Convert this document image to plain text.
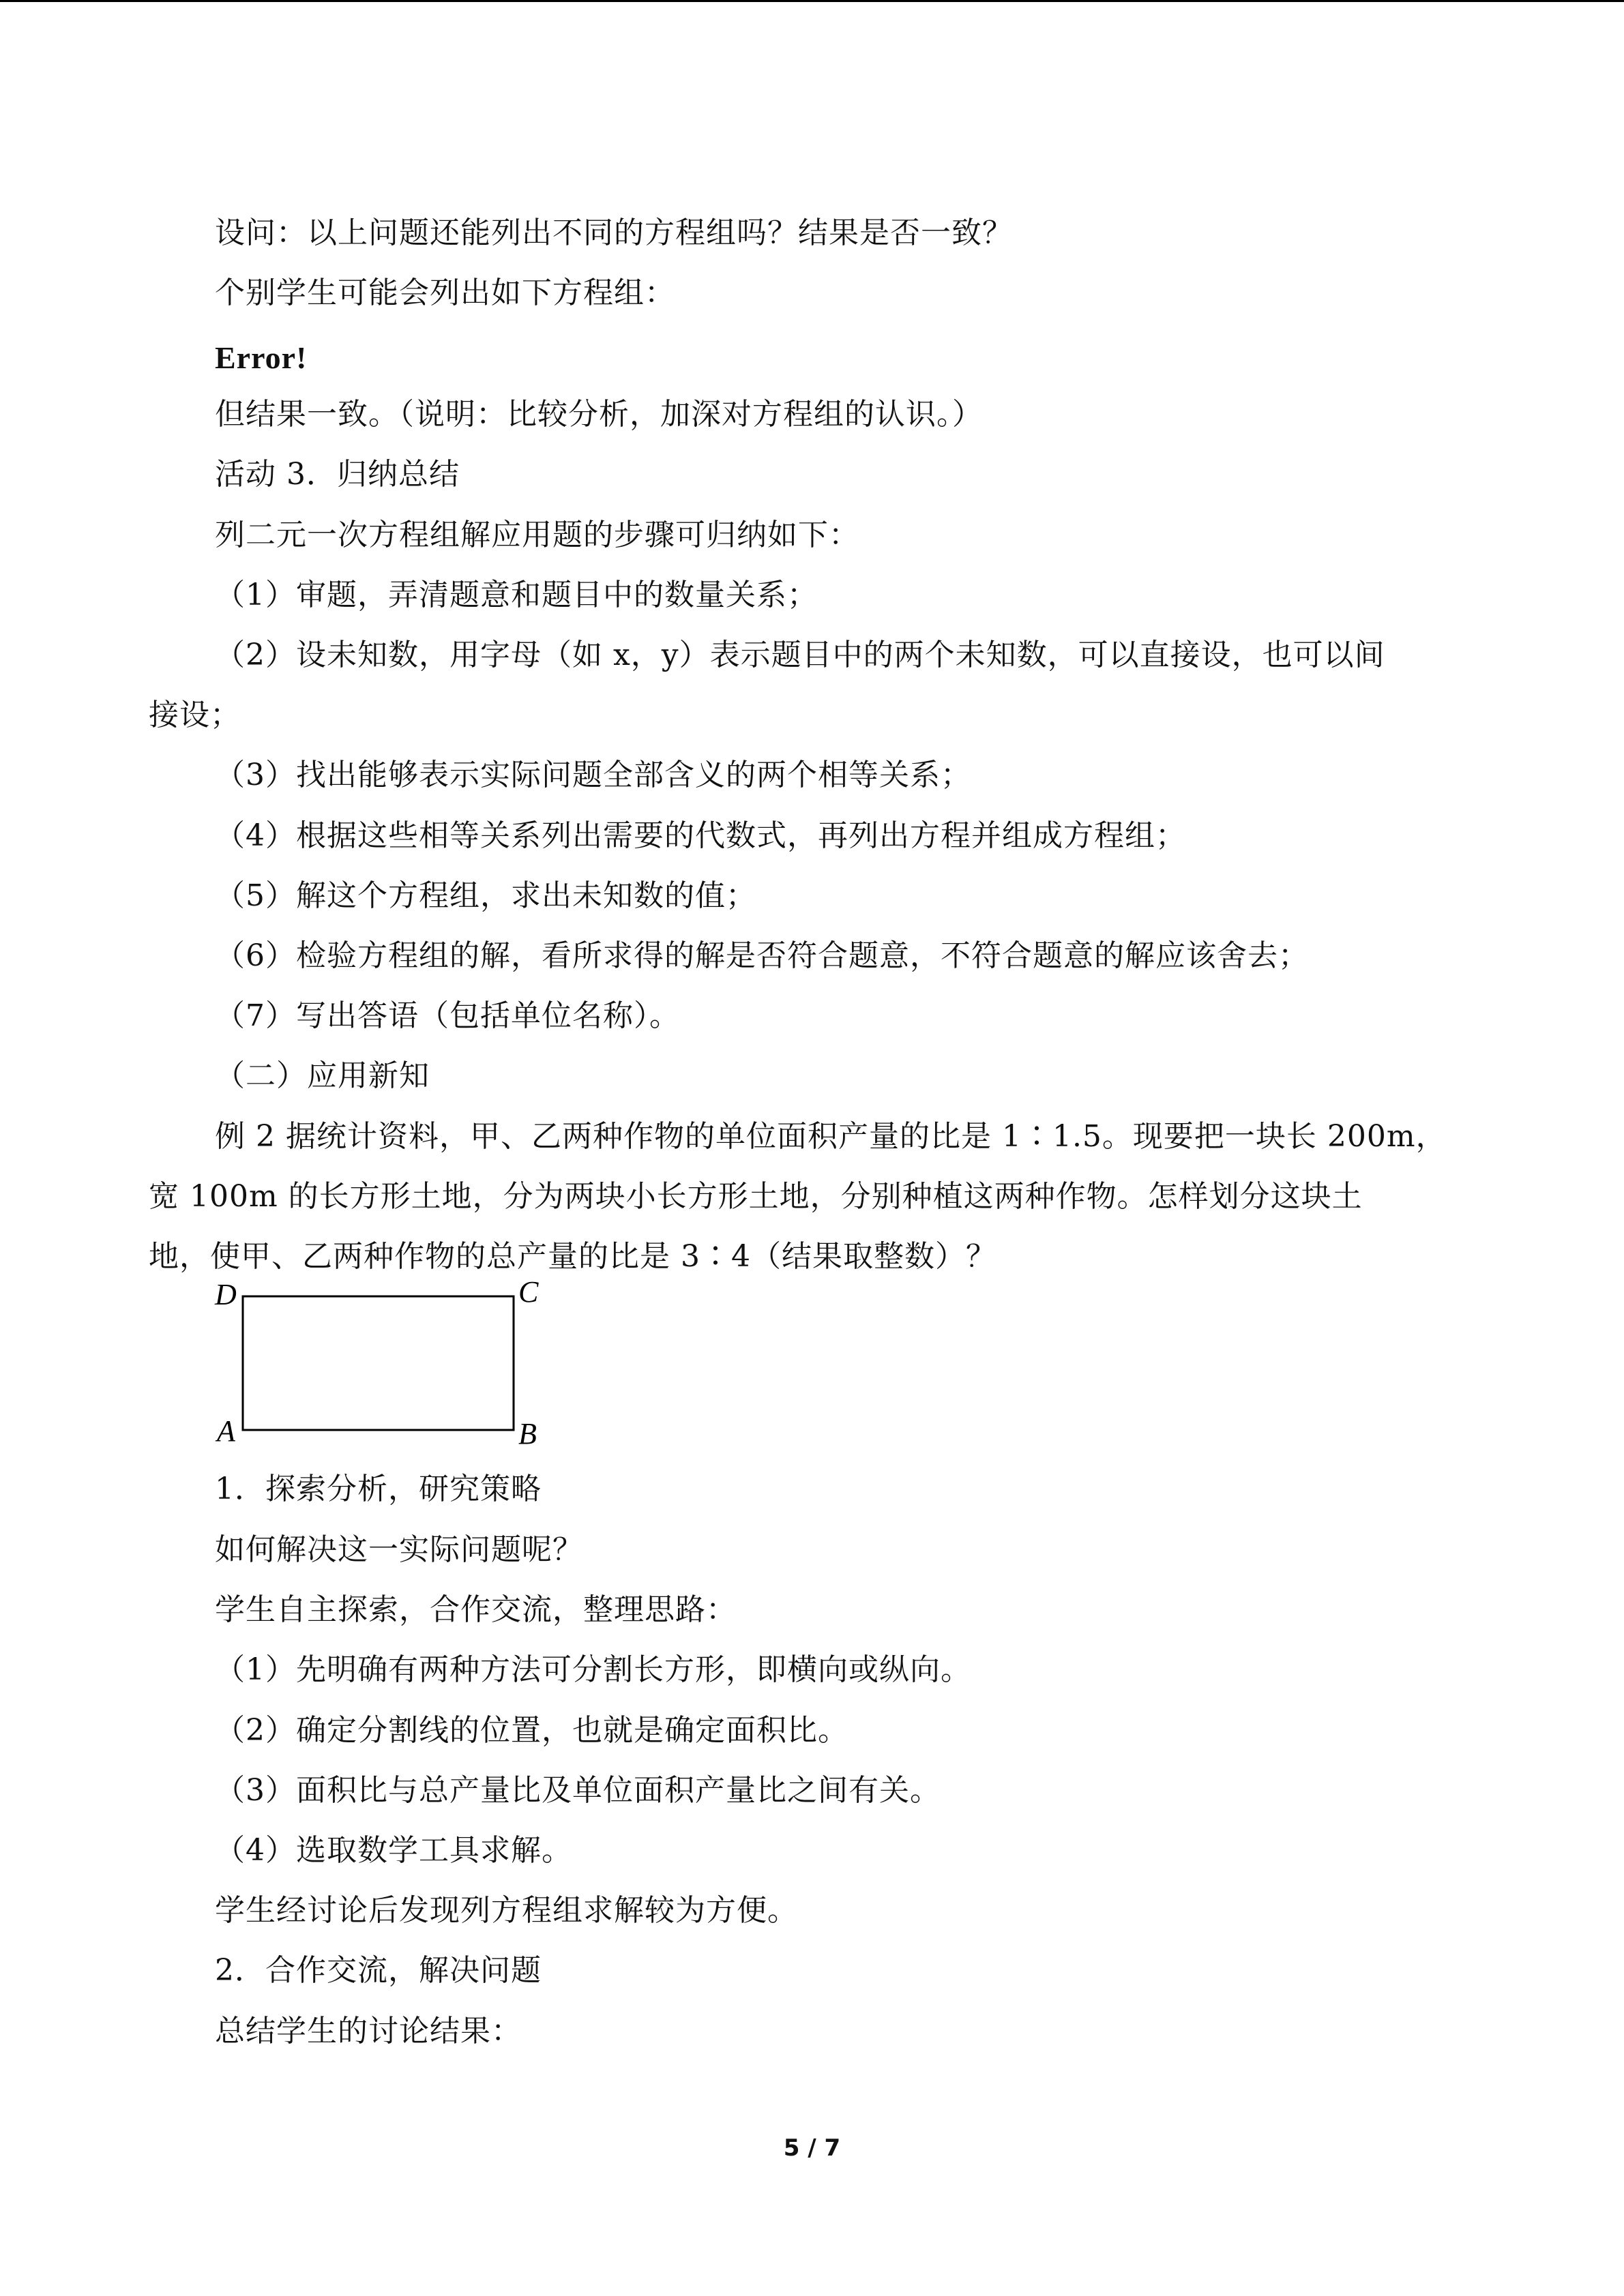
设问：以上问题还能列出不同的方程组吗？结果是否一致？
个别学生可能会列出如下方程组：
Error!
但结果一致。（说明：比较分析，加深对方程组的认识。）
活动 3．归纳总结
列二元一次方程组解应用题的步骤可归纳如下：
（1）审题，弄清题意和题目中的数量关系；
（2）设未知数，用字母（如 x，y）表示题目中的两个未知数，可以直接设，也可以间
接设；
（3）找出能够表示实际问题全部含义的两个相等关系；
（4）根据这些相等关系列出需要的代数式，再列出方程并组成方程组；
（5）解这个方程组，求出未知数的值；
（6）检验方程组的解，看所求得的解是否符合题意，不符合题意的解应该舍去；
（7）写出答语（包括单位名称）。
（二）应用新知
例 2 据统计资料，甲、乙两种作物的单位面积产量的比是 1∶1.5。现要把一块长 200m，
宽 100m 的长方形土地，分为两块小长方形土地，分别种植这两种作物。怎样划分这块土
地，使甲、乙两种作物的总产量的比是 3∶4（结果取整数）？
D	C
A	B
1．探索分析，研究策略
如何解决这一实际问题呢？
学生自主探索，合作交流，整理思路：
（1）先明确有两种方法可分割长方形，即横向或纵向。
（2）确定分割线的位置，也就是确定面积比。
（3）面积比与总产量比及单位面积产量比之间有关。
（4）选取数学工具求解。
学生经讨论后发现列方程组求解较为方便。
2．合作交流，解决问题
总结学生的讨论结果：
5 / 7
